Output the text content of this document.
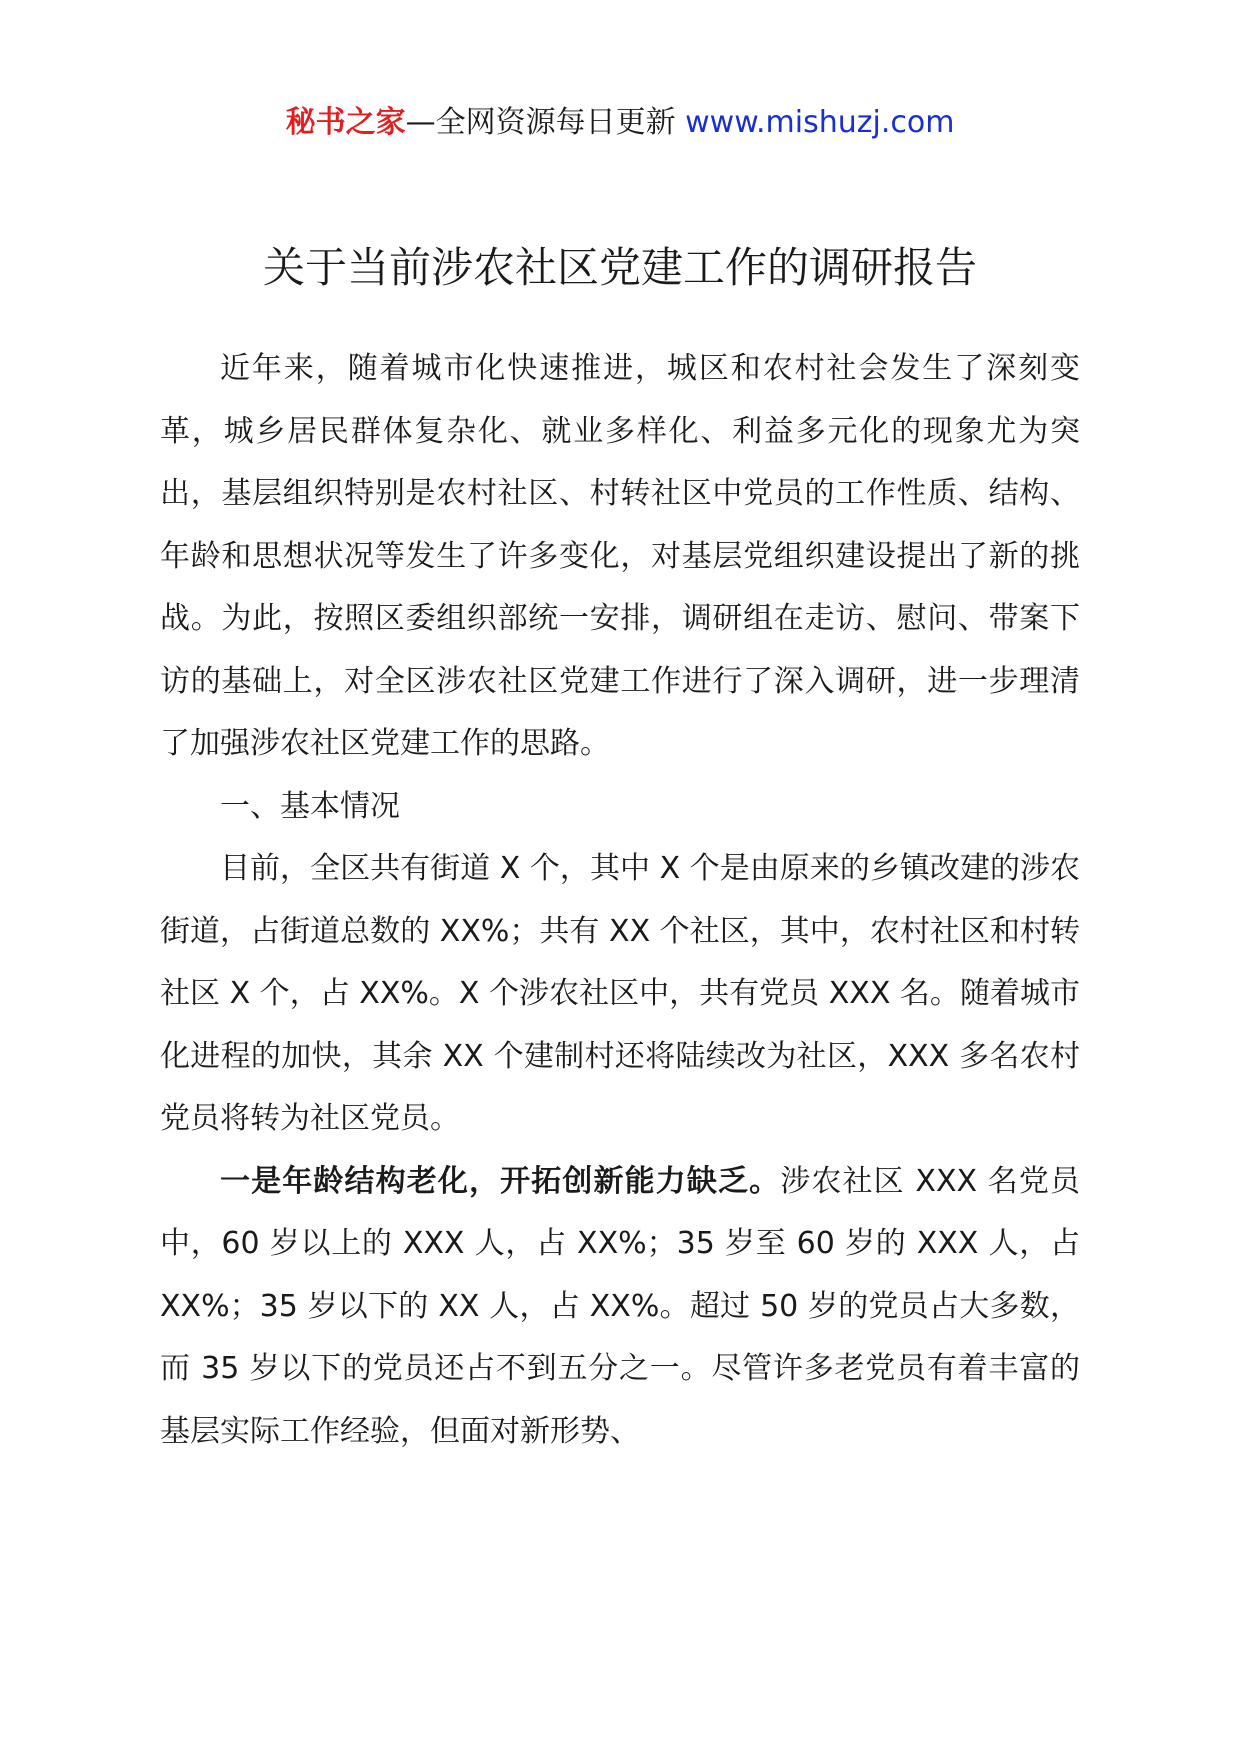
秘书之家—全网资源每日更新 www.mishuzj.com
关于当前涉农社区党建工作的调研报告

近年来，随着城市化快速推进，城区和农村社会发生了深刻变革，城乡居民群体复杂化、就业多样化、利益多元化的现象尤为突出，基层组织特别是农村社区、村转社区中党员的工作性质、结构、年龄和思想状况等发生了许多变化，对基层党组织建设提出了新的挑战。为此，按照区委组织部统一安排，调研组在走访、慰问、带案下访的基础上，对全区涉农社区党建工作进行了深入调研，进一步理清了加强涉农社区党建工作的思路。

一、基本情况

目前，全区共有街道 X 个，其中 X 个是由原来的乡镇改建的涉农街道，占街道总数的 XX%；共有 XX 个社区，其中，农村社区和村转社区 X 个，占 XX%。X 个涉农社区中，共有党员 XXX 名。随着城市化进程的加快，其余 XX 个建制村还将陆续改为社区，XXX 多名农村党员将转为社区党员。

一是年龄结构老化，开拓创新能力缺乏。涉农社区 XXX 名党员中，60 岁以上的 XXX 人，占 XX%；35 岁至 60 岁的 XXX 人，占 XX%；35 岁以下的 XX 人，占 XX%。超过 50 岁的党员占大多数，而 35 岁以下的党员还占不到五分之一。尽管许多老党员有着丰富的基层实际工作经验，但面对新形势、
